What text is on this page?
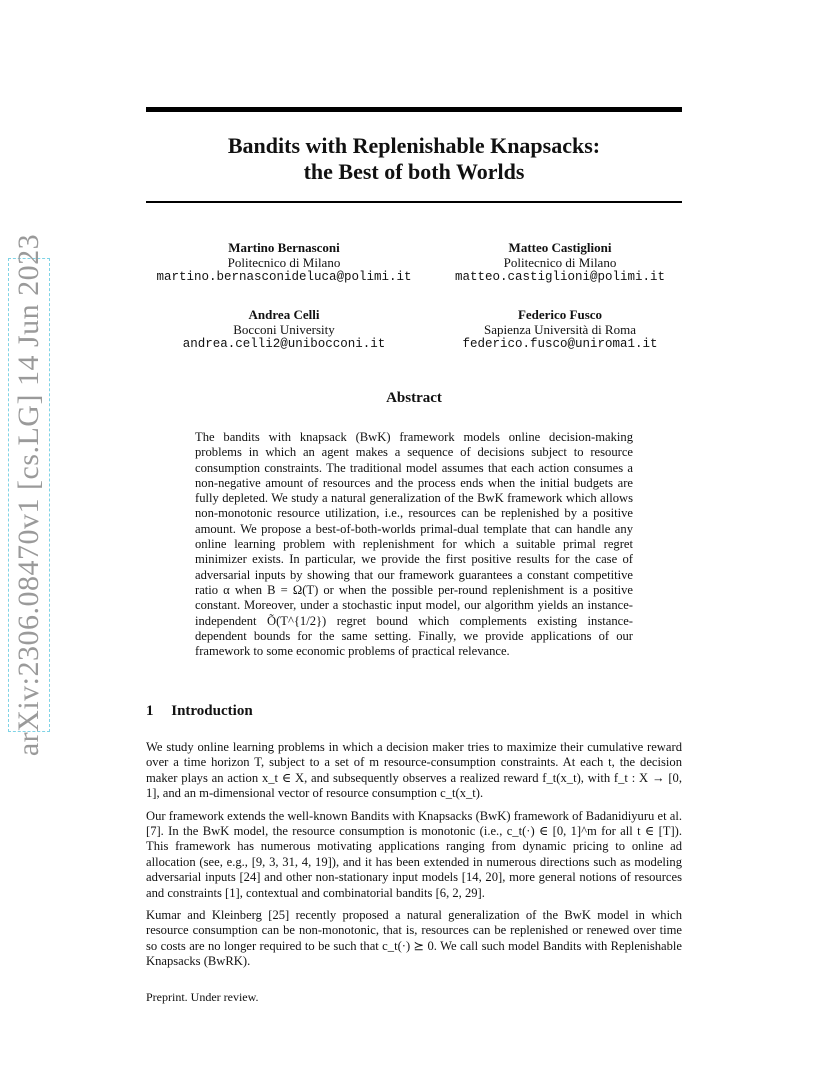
arXiv:2306.08470v1 [cs.LG] 14 Jun 2023
Bandits with Replenishable Knapsacks:
the Best of both Worlds
Martino Bernasconi
Politecnico di Milano
martino.bernasconideluca@polimi.it
Matteo Castiglioni
Politecnico di Milano
matteo.castiglioni@polimi.it
Andrea Celli
Bocconi University
andrea.celli2@unibocconi.it
Federico Fusco
Sapienza Università di Roma
federico.fusco@uniroma1.it
Abstract
The bandits with knapsack (BwK) framework models online decision-making problems in which an agent makes a sequence of decisions subject to resource consumption constraints. The traditional model assumes that each action consumes a non-negative amount of resources and the process ends when the initial budgets are fully depleted. We study a natural generalization of the BwK framework which allows non-monotonic resource utilization, i.e., resources can be replenished by a positive amount. We propose a best-of-both-worlds primal-dual template that can handle any online learning problem with replenishment for which a suitable primal regret minimizer exists. In particular, we provide the first positive results for the case of adversarial inputs by showing that our framework guarantees a constant competitive ratio α when B = Ω(T) or when the possible per-round replenishment is a positive constant. Moreover, under a stochastic input model, our algorithm yields an instance-independent Õ(T^{1/2}) regret bound which complements existing instance-dependent bounds for the same setting. Finally, we provide applications of our framework to some economic problems of practical relevance.
1 Introduction

We study online learning problems in which a decision maker tries to maximize their cumulative reward over a time horizon T, subject to a set of m resource-consumption constraints. At each t, the decision maker plays an action x_t ∈ X, and subsequently observes a realized reward f_t(x_t), with f_t : X → [0, 1], and an m-dimensional vector of resource consumption c_t(x_t).

Our framework extends the well-known Bandits with Knapsacks (BwK) framework of Badanidiyuru et al. [7]. In the BwK model, the resource consumption is monotonic (i.e., c_t(·) ∈ [0, 1]^m for all t ∈ [T]). This framework has numerous motivating applications ranging from dynamic pricing to online ad allocation (see, e.g., [9, 3, 31, 4, 19]), and it has been extended in numerous directions such as modeling adversarial inputs [24] and other non-stationary input models [14, 20], more general notions of resources and constraints [1], contextual and combinatorial bandits [6, 2, 29].

Kumar and Kleinberg [25] recently proposed a natural generalization of the BwK model in which resource consumption can be non-monotonic, that is, resources can be replenished or renewed over time so costs are no longer required to be such that c_t(·) ⪰ 0. We call such model Bandits with Replenishable Knapsacks (BwRK).

Preprint. Under review.
